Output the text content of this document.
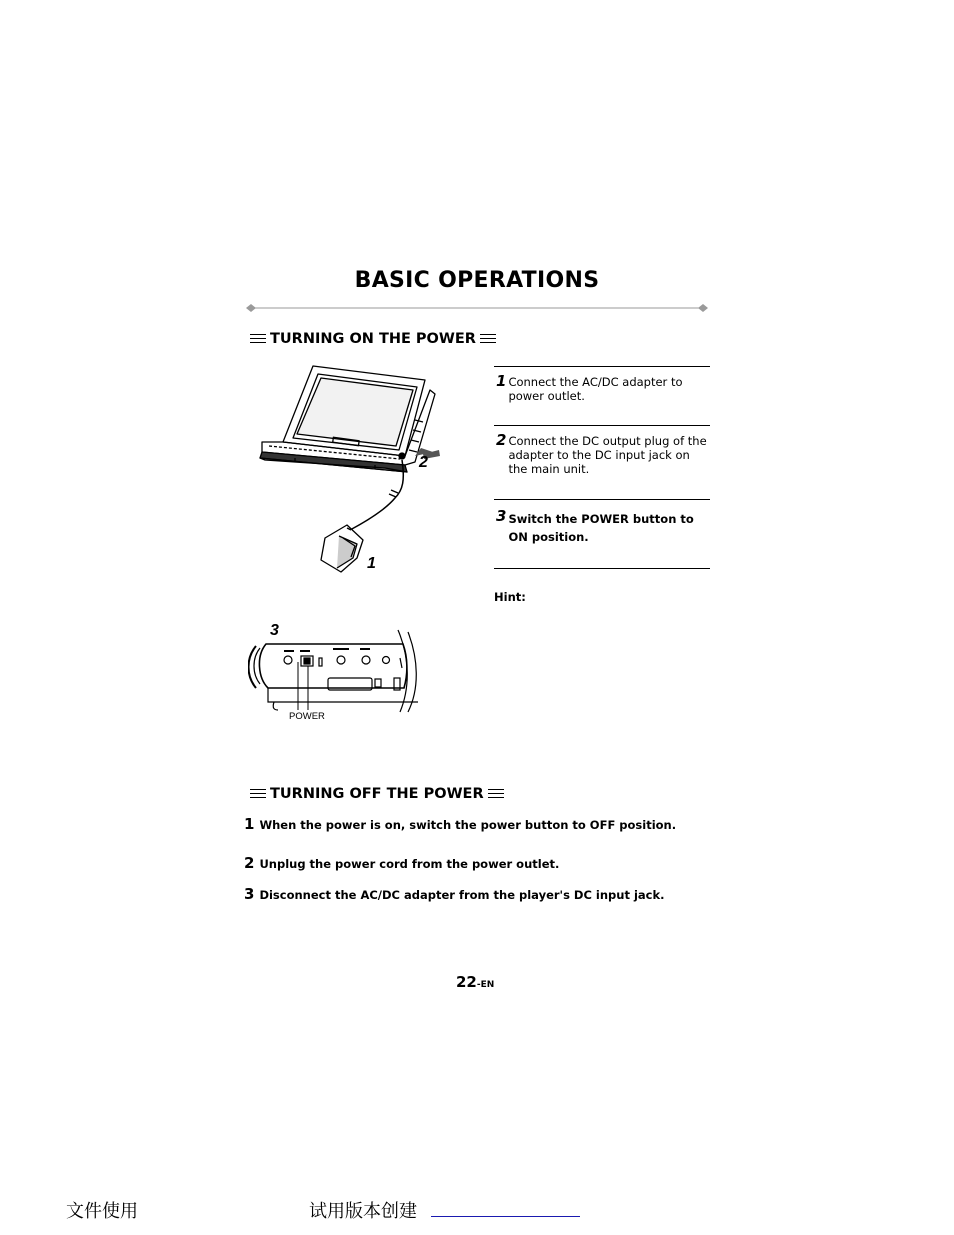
BASIC OPERATIONS
TURNING ON THE POWER
2
1
1 Connect the AC/DC adapter to power outlet.
2 Connect the DC output plug of the adapter to the DC input jack on the main unit.
3 Switch the POWER button to ON position.
Hint:
3
POWER
TURNING OFF THE POWER
1 When the power is on, switch the power button to OFF position.
2 Unplug the power cord from the power outlet.
3 Disconnect the AC/DC adapter from the player's DC input jack.
22-EN
文件使用	试用版本创建
